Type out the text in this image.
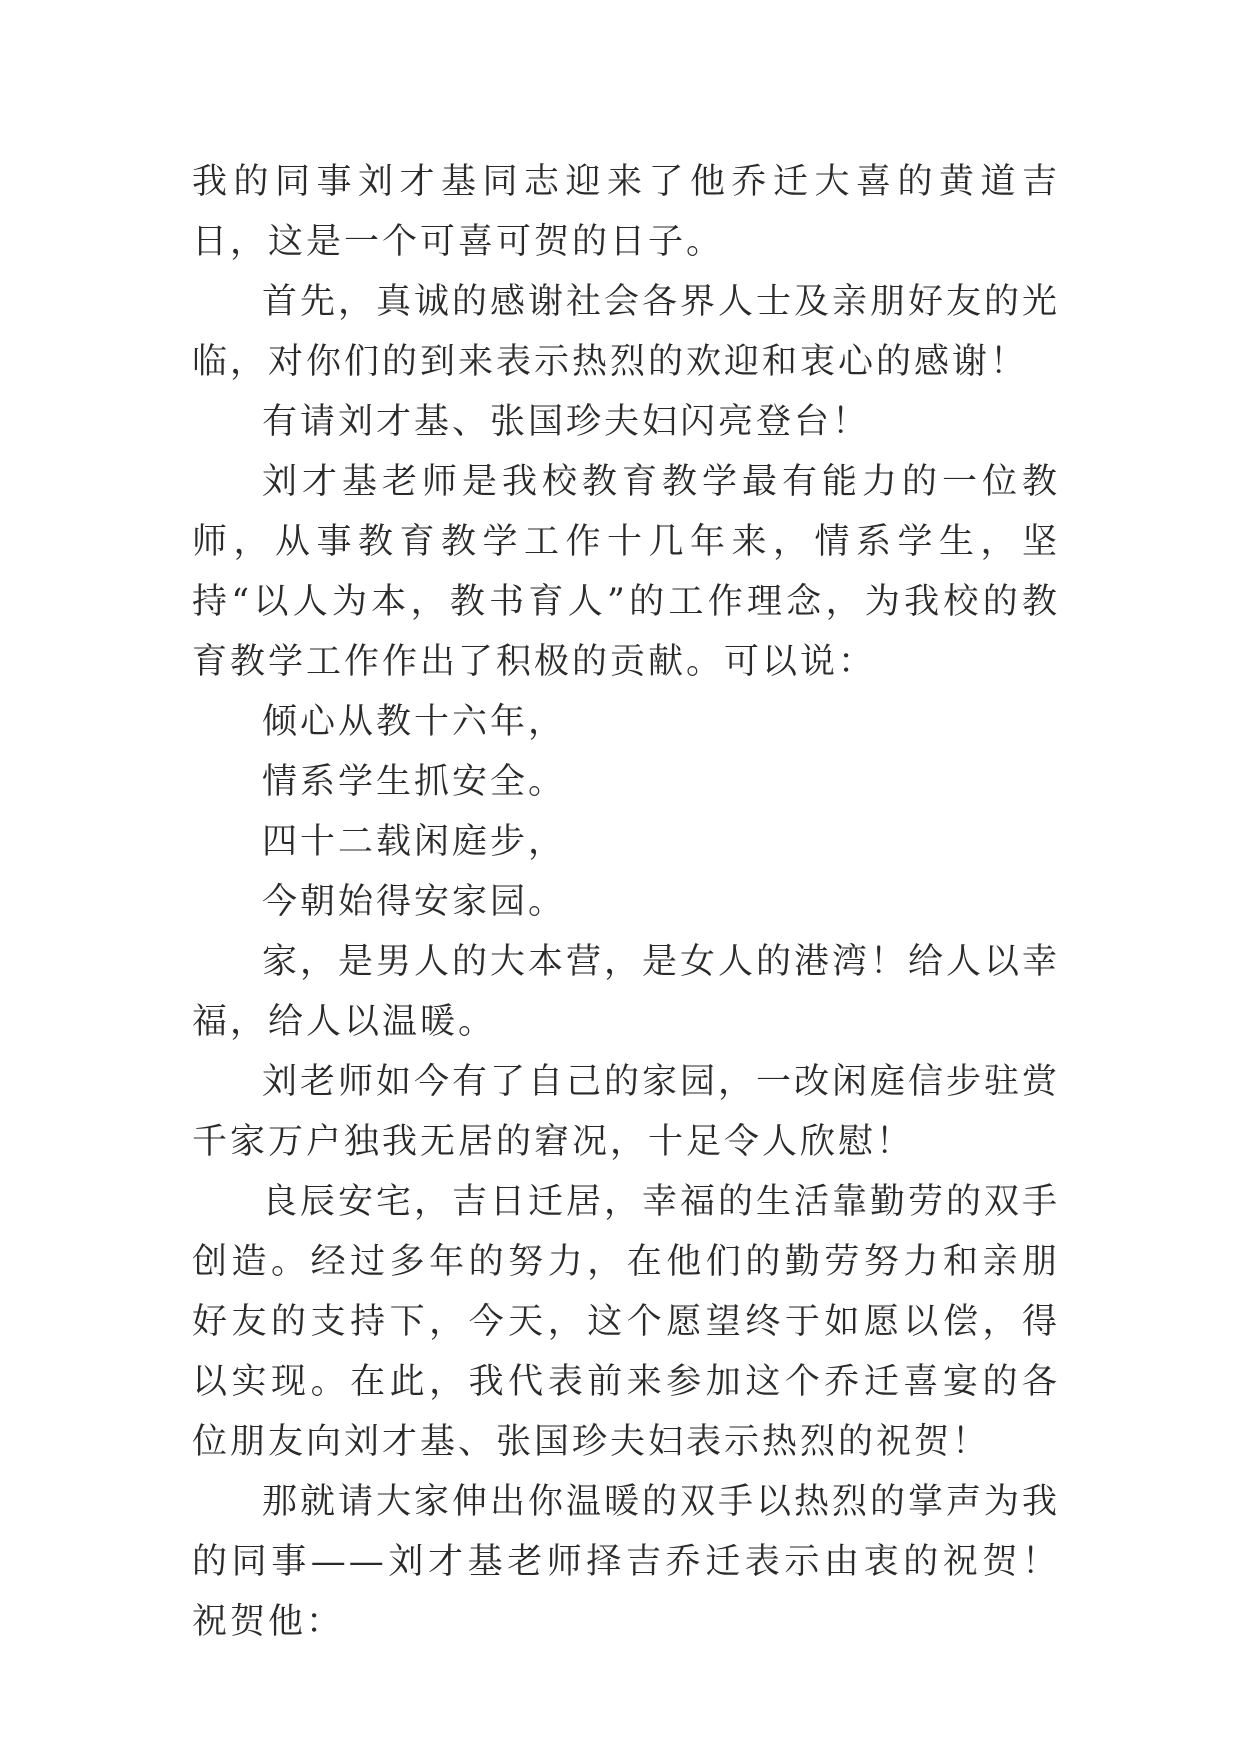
我的同事刘才基同志迎来了他乔迁大喜的黄道吉日，这是一个可喜可贺的日子。

首先，真诚的感谢社会各界人士及亲朋好友的光临，对你们的到来表示热烈的欢迎和衷心的感谢！

有请刘才基、张国珍夫妇闪亮登台！

刘才基老师是我校教育教学最有能力的一位教师，从事教育教学工作十几年来，情系学生，坚持“以人为本，教书育人”的工作理念，为我校的教育教学工作作出了积极的贡献。可以说：

倾心从教十六年，

情系学生抓安全。

四十二载闲庭步，

今朝始得安家园。

家，是男人的大本营，是女人的港湾！给人以幸福，给人以温暖。

刘老师如今有了自己的家园，一改闲庭信步驻赏千家万户独我无居的窘况，十足令人欣慰！

良辰安宅，吉日迁居，幸福的生活靠勤劳的双手创造。经过多年的努力，在他们的勤劳努力和亲朋好友的支持下，今天，这个愿望终于如愿以偿，得以实现。在此，我代表前来参加这个乔迁喜宴的各位朋友向刘才基、张国珍夫妇表示热烈的祝贺！

那就请大家伸出你温暖的双手以热烈的掌声为我的同事——刘才基老师择吉乔迁表示由衷的祝贺！祝贺他：
